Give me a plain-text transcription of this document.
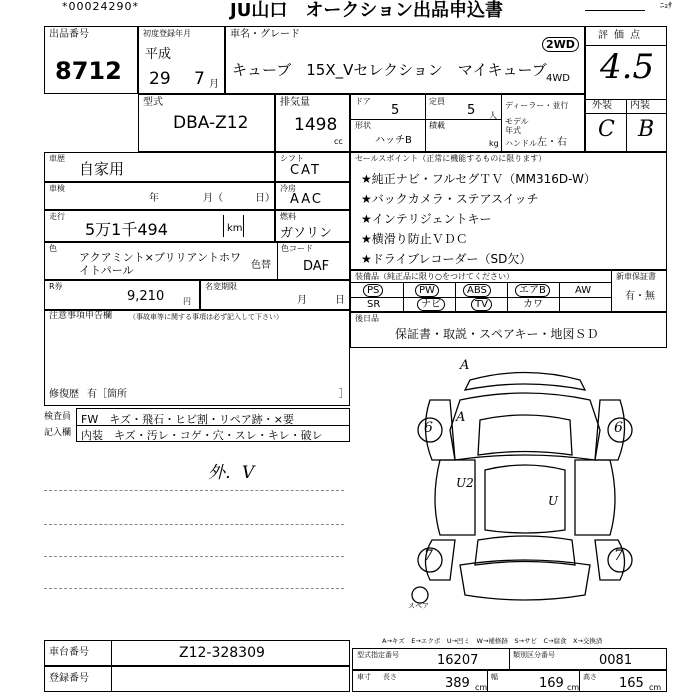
*00024290*	JU山口　オークション出品申込書	ﾆｮｻ
出品番号
8712
初度登録年月
平成
29 7 月
車名・グレード
キューブ　15X_Vセレクション　マイキューブ
2WD
4WD
評価点
4.5
外装 内装
C B
型式
DBA-Z12
排気量
1498
cc
ドア
5
定員
5 人
ディーラー・並行
形状
ハッチB
積載
kg
モデル年式
ハンドル 左・右
車歴
自家用
シフト
CAT
車検
年	月（	日）
冷房
AAC
走行
5万1千494	km
燃料
ガソリン
色
アクアミント×ブリリアントホワイトパール	色替
色コード
DAF
R券
9,210 円
名変期限
月	日
セールスポイント（正常に機能するものに限ります）
★純正ナビ・フルセグＴＶ（MM316D-W）
★バックカメラ・ステアスイッチ
★インテリジェントキー
★横滑り防止ＶＤＣ
★ドライブレコーダー（SD欠）
装備品（純正品に限り○をつけてください）
PS	PW	ABS	エアB	AW
SR	ナビ	TV	カワ
新車保証書
有・無
後日品
保証書・取説・スペアキー・地図ＳＤ
注意事項申告欄 （事故車等に関する事項は必ず記入して下さい）
修復歴 有［箇所	］
検査員
記入欄
FW　キズ・飛石・ヒビ割・リペア跡・×要
内装　キズ・汚レ・コゲ・穴・スレ・キレ・破レ
外．V
A
A
U2
U
6	6
7	7
スペア
A→キズ　E→エクボ　U→凹ミ　W→補修跡　S→サビ　C→腐食　X→交換済
車台番号	Z12-328309
登録番号
型式指定番号	16207	類別区分番号	0081
車寸 長さ	389 cm
幅	169 cm
高さ 165 cm
